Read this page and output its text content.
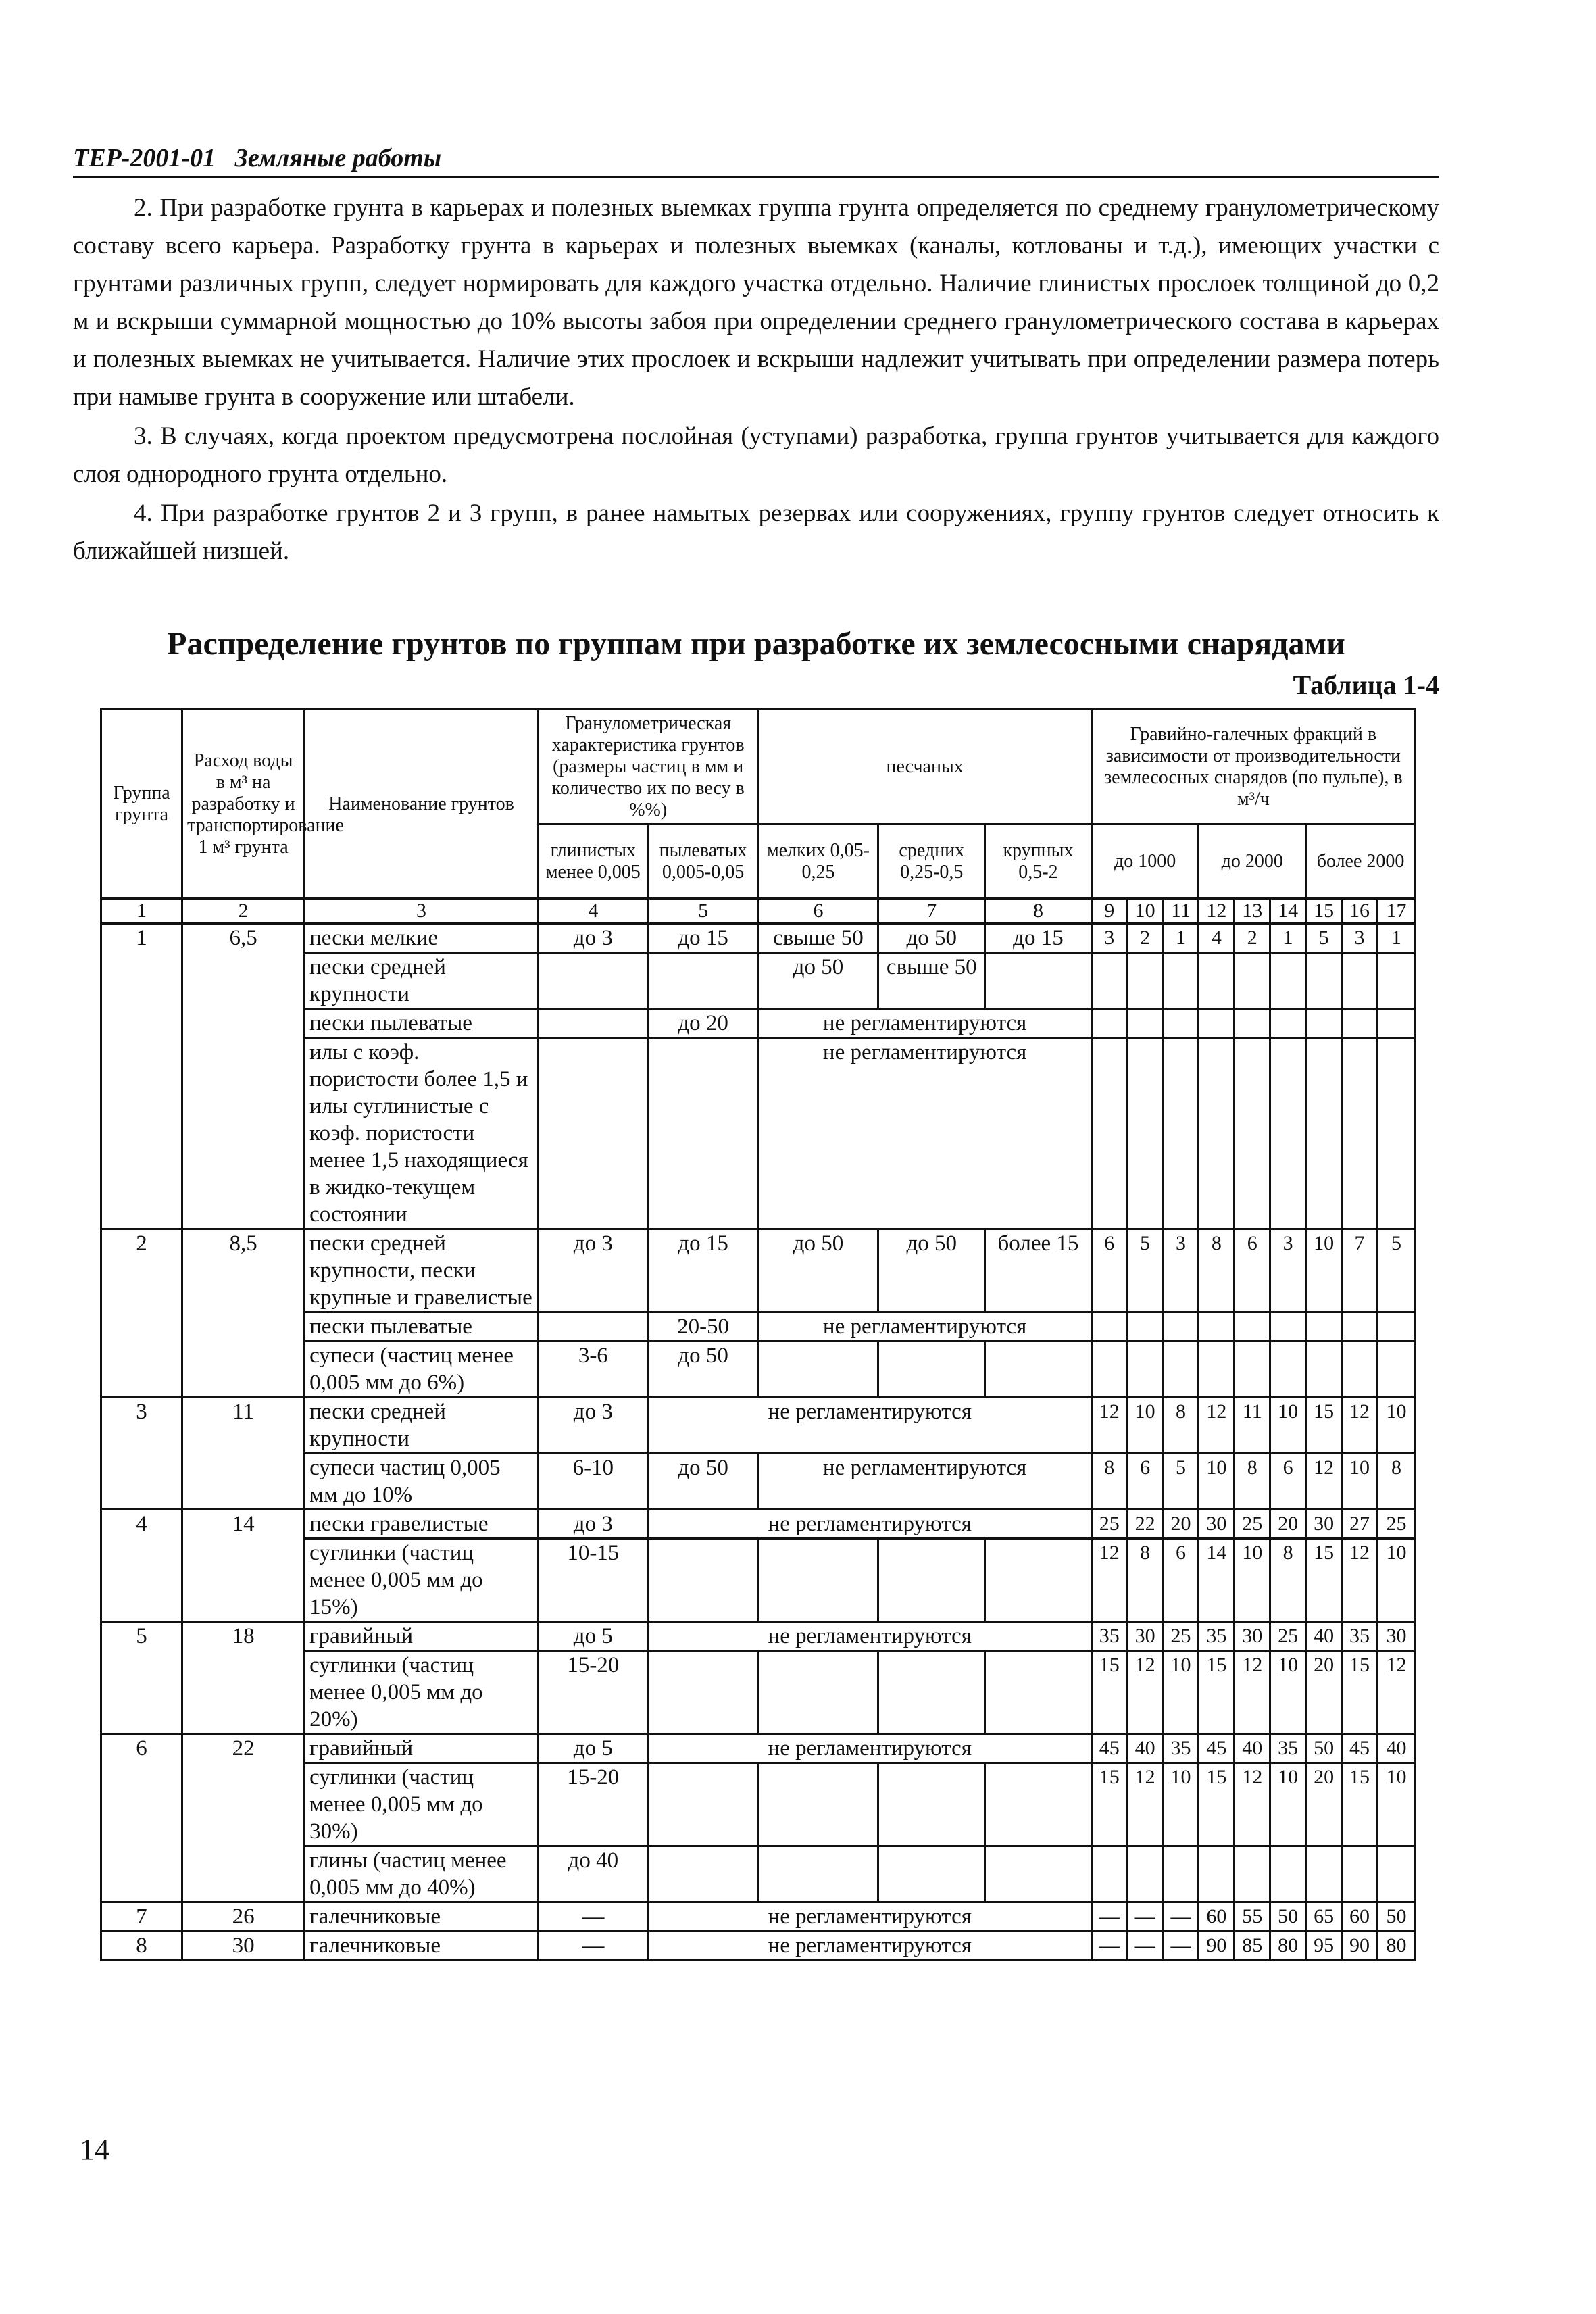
ТЕР-2001-01 Земляные работы

2. При разработке грунта в карьерах и полезных выемках группа грунта определяется по среднему гранулометрическому составу всего карьера. Разработку грунта в карьерах и полезных выемках (каналы, котлованы и т.д.), имеющих участки с грунтами различных групп, следует нормировать для каждого участка отдельно. Наличие глинистых прослоек толщиной до 0,2 м и вскрыши суммарной мощностью до 10% высоты забоя при определении среднего гранулометрического состава в карьерах и полезных выемках не учитывается. Наличие этих прослоек и вскрыши надлежит учитывать при определении размера потерь при намыве грунта в сооружение или штабели.

3. В случаях, когда проектом предусмотрена послойная (уступами) разработка, группа грунтов учитывается для каждого слоя однородного грунта отдельно.

4. При разработке грунтов 2 и 3 групп, в ранее намытых резервах или сооружениях, группу грунтов следует относить к ближайшей низшей.

Распределение грунтов по группам при разработке их землесосными снарядами
Таблица 1-4
Группа грунта	Расход воды в м³ на разработку и транспортирование 1 м³ грунта	Наименование грунтов	Гранулометрическая характеристика грунтов (размеры частиц в мм и количество их по весу в %%)		песчаных			Гравийно-галечных фракций в зависимости от производительности землесосных снарядов (по пульпе), в м³/ч								
			глинистых менее 0,005	пылеватых 0,005-0,05	мелких 0,05-0,25	средних 0,25-0,5	крупных 0,5-2	до 1000			до 2000			более 2000		
1	2	3	4	5	6	7	8	9	10	11	12	13	14	15	16	17
1	6,5	пески мелкие	до 3	до 15	свыше 50	до 50	до 15	3	2	1	4	2	1	5	3	1
		пески средней крупности			до 50	свыше 50										
		пески пылеватые		до 20	не регламентируются											
		илы с коэф. пористости более 1,5 и илы суглинистые с коэф. пористости менее 1,5 находящиеся в жидко-текущем состоянии			не регламентируются											
2	8,5	пески средней крупности, пески крупные и гравелистые	до 3	до 15	до 50	до 50	более 15	6	5	3	8	6	3	10	7	5
		пески пылеватые		20-50	не регламентируются											
		супеси (частиц менее 0,005 мм до 6%)	3-6	до 50												
3	11	пески средней крупности	до 3	не регламентируются				12	10	8	12	11	10	15	12	10
		супеси частиц 0,005 мм до 10%	6-10	до 50	не регламентируются			8	6	5	10	8	6	12	10	8
4	14	пески гравелистые	до 3	не регламентируются				25	22	20	30	25	20	30	27	25
		суглинки (частиц менее 0,005 мм до 15%)	10-15					12	8	6	14	10	8	15	12	10
5	18	гравийный	до 5	не регламентируются				35	30	25	35	30	25	40	35	30
		суглинки (частиц менее 0,005 мм до 20%)	15-20					15	12	10	15	12	10	20	15	12
6	22	гравийный	до 5	не регламентируются				45	40	35	45	40	35	50	45	40
		суглинки (частиц менее 0,005 мм до 30%)	15-20					15	12	10	15	12	10	20	15	10
		глины (частиц менее 0,005 мм до 40%)	до 40													
7	26	галечниковые	—	не регламентируются				—	—	—	60	55	50	65	60	50
8	30	галечниковые	—	не регламентируются				—	—	—	90	85	80	95	90	80
14
